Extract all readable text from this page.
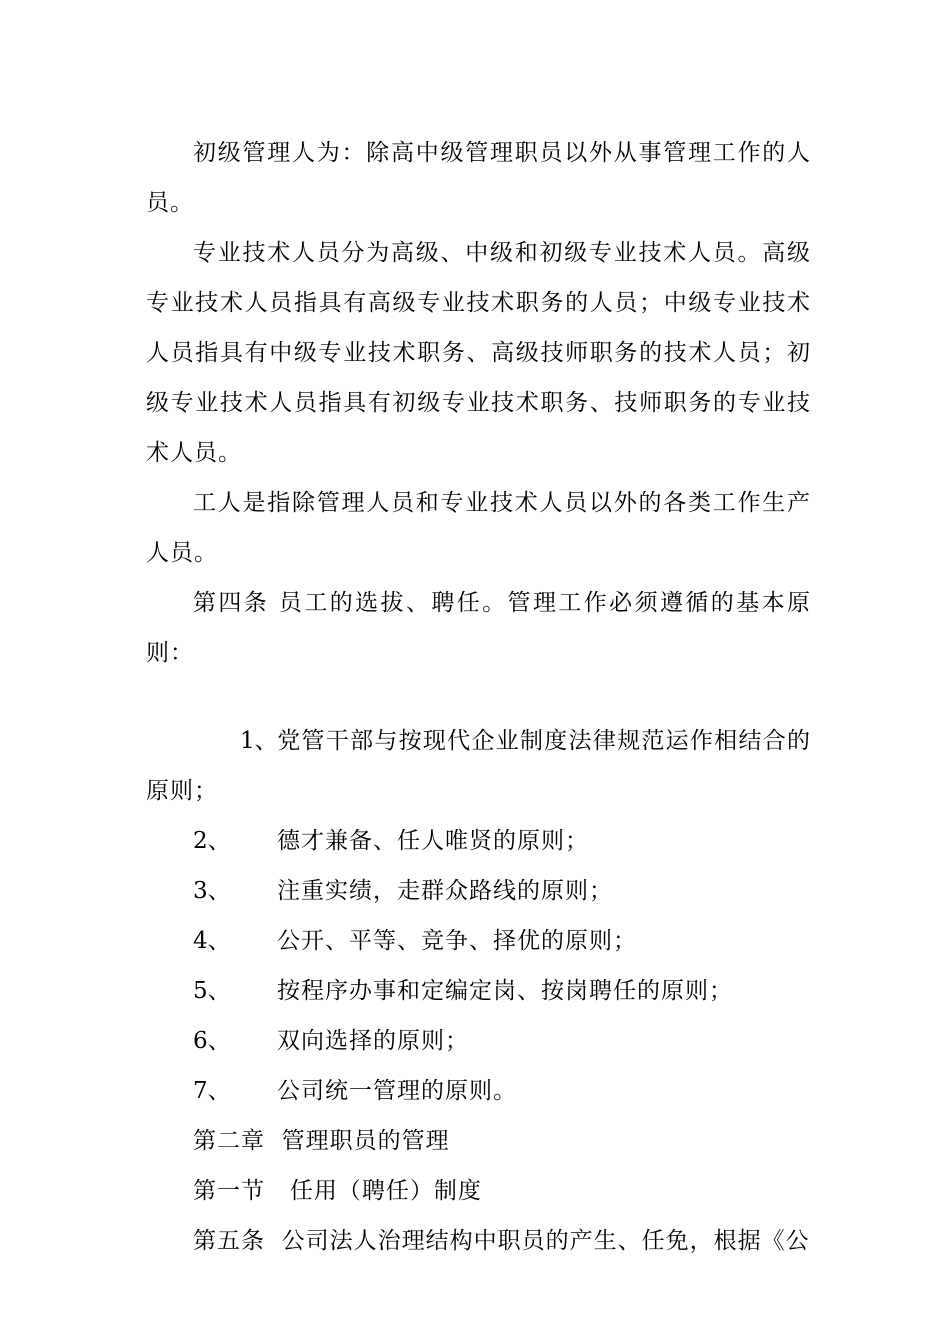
初级管理人为：除高中级管理职员以外从事管理工作的人员。

专业技术人员分为高级、中级和初级专业技术人员。高级专业技术人员指具有高级专业技术职务的人员；中级专业技术人员指具有中级专业技术职务、高级技师职务的技术人员；初级专业技术人员指具有初级专业技术职务、技师职务的专业技术人员。

工人是指除管理人员和专业技术人员以外的各类工作生产人员。

第四条 员工的选拔、聘任。管理工作必须遵循的基本原则：

1、党管干部与按现代企业制度法律规范运作相结合的原则；

2、 德才兼备、任人唯贤的原则；

3、 注重实绩，走群众路线的原则；

4、 公开、平等、竞争、择优的原则；

5、 按程序办事和定编定岗、按岗聘任的原则；

6、 双向选择的原则；

7、 公司统一管理的原则。

第二章  管理职员的管理

第一节   任用（聘任）制度

第五条  公司法人治理结构中职员的产生、任免，根据《公
